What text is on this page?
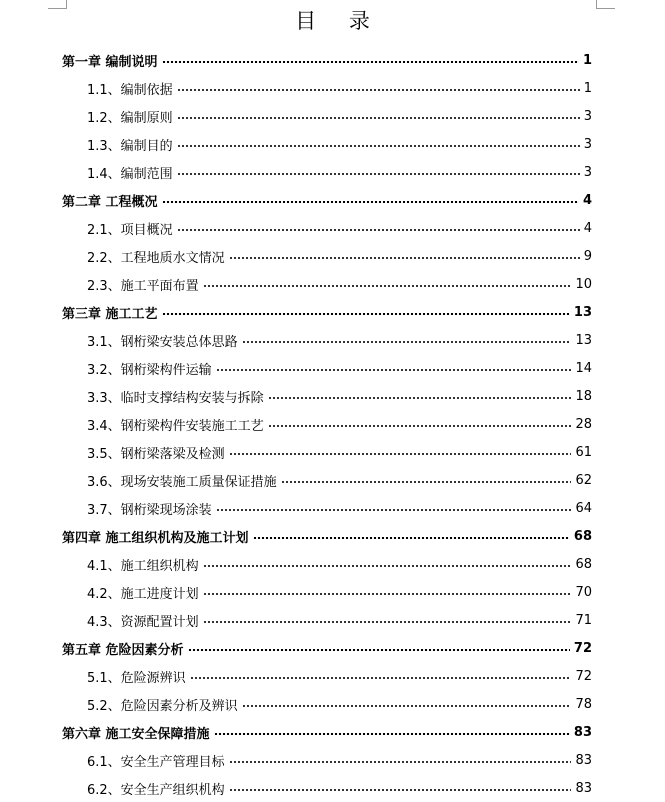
目 录
第一章 编制说明	1
1.1、编制依据	1
1.2、编制原则	3
1.3、编制目的	3
1.4、编制范围	3
第二章 工程概况	4
2.1、项目概况	4
2.2、工程地质水文情况	9
2.3、施工平面布置	10
第三章 施工工艺	13
3.1、钢桁梁安装总体思路	13
3.2、钢桁梁构件运输	14
3.3、临时支撑结构安装与拆除	18
3.4、钢桁梁构件安装施工工艺	28
3.5、钢桁梁落梁及检测	61
3.6、现场安装施工质量保证措施	62
3.7、钢桁梁现场涂装	64
第四章 施工组织机构及施工计划	68
4.1、施工组织机构	68
4.2、施工进度计划	70
4.3、资源配置计划	71
第五章 危险因素分析	72
5.1、危险源辨识	72
5.2、危险因素分析及辨识	78
第六章 施工安全保障措施	83
6.1、安全生产管理目标	83
6.2、安全生产组织机构	83
